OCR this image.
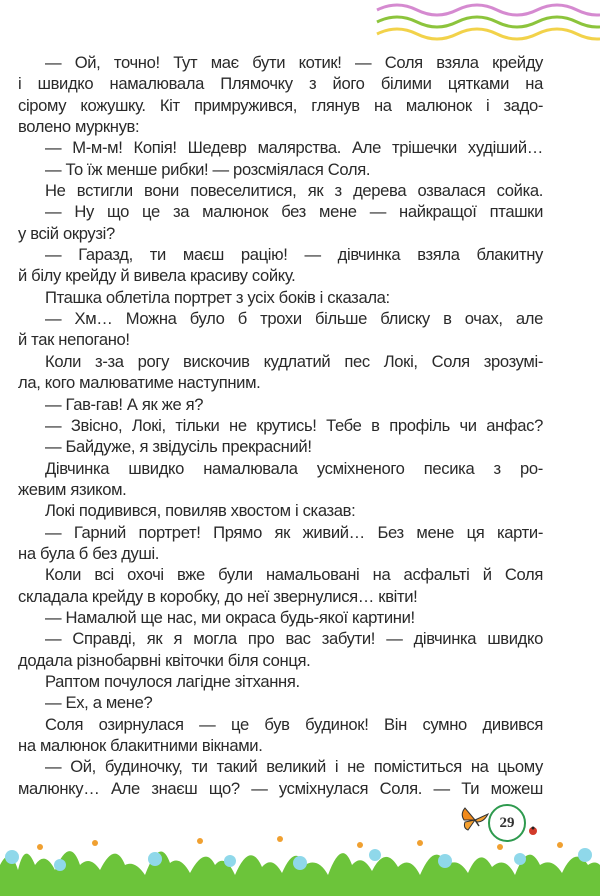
— Ой, точно! Тут має бути котик! — Соля взяла крейду
і швидко намалювала Плямочку з його білими цятками на
сірому кожушку. Кіт примружився, глянув на малюнок і задо-
волено муркнув:
— М-м-м! Копія! Шедевр малярства. Але трішечки худіший…
— То їж менше рибки! — розсміялася Соля.
Не встигли вони повеселитися, як з дерева озвалася сойка.
— Ну що це за малюнок без мене — найкращої пташки
у всій окрузі?
— Гаразд, ти маєш рацію! — дівчинка взяла блакитну
й білу крейду й вивела красиву сойку.
Пташка облетіла портрет з усіх боків і сказала:
— Хм… Можна було б трохи більше блиску в очах, але
й так непогано!
Коли з-за рогу вискочив кудлатий пес Локі, Соля зрозумі-
ла, кого малюватиме наступним.
— Гав-гав! А як же я?
— Звісно, Локі, тільки не крутись! Тебе в профіль чи анфас?
— Байдуже, я звідусіль прекрасний!
Дівчинка швидко намалювала усміхненого песика з ро-
жевим язиком.
Локі подивився, повиляв хвостом і сказав:
— Гарний портрет! Прямо як живий… Без мене ця карти-
на була б без душі.
Коли всі охочі вже були намальовані на асфальті й Соля
складала крейду в коробку, до неї звернулися… квіти!
— Намалюй ще нас, ми окраса будь-якої картини!
— Справді, як я могла про вас забути! — дівчинка швидко
додала різнобарвні квіточки біля сонця.
Раптом почулося лагідне зітхання.
— Ех, а мене?
Соля озирнулася — це був будинок! Він сумно дивився
на малюнок блакитними вікнами.
— Ой, будиночку, ти такий великий і не поміститься на цьому
малюнку… Але знаєш що? — усміхнулася Соля. — Ти можеш
29
